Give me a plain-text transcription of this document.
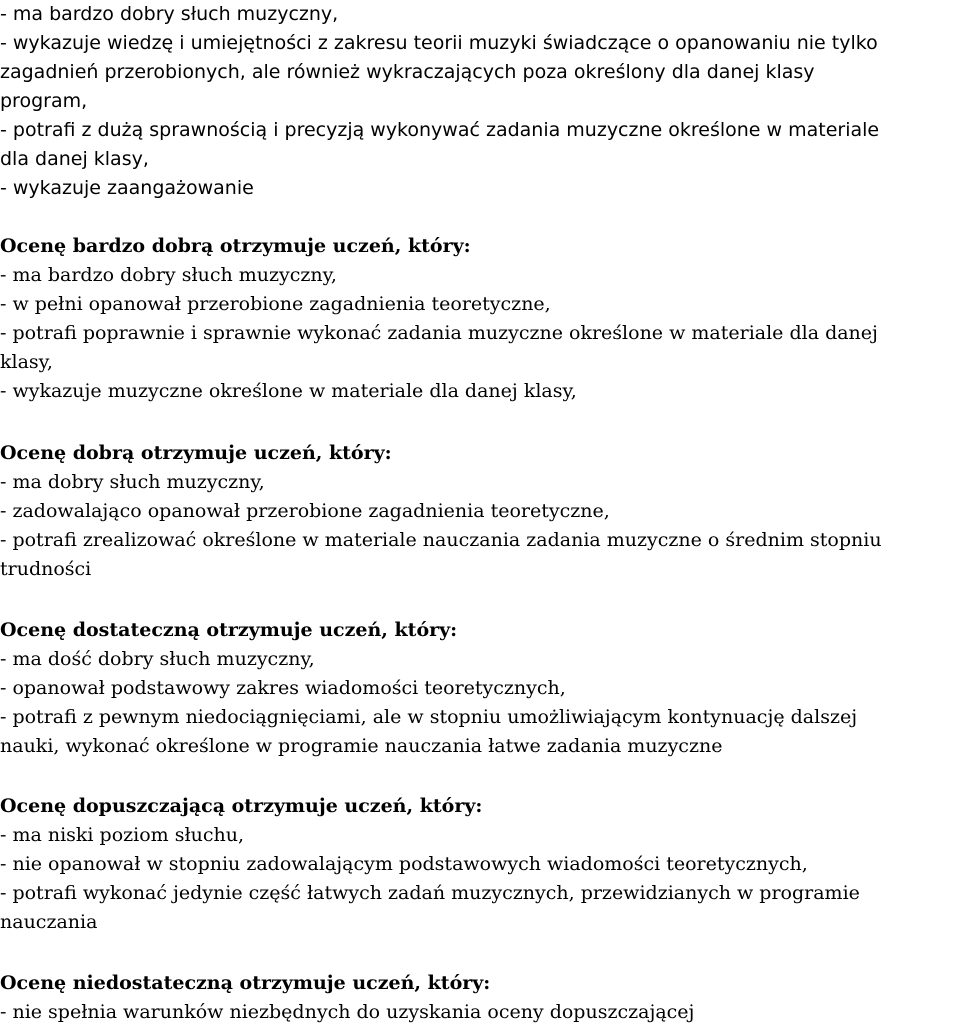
- ma bardzo dobry słuch muzyczny,
- wykazuje wiedzę i umiejętności z zakresu teorii muzyki świadczące o opanowaniu nie tylko
zagadnień przerobionych, ale również wykraczających poza określony dla danej klasy
program,
- potrafi z dużą sprawnością i precyzją wykonywać zadania muzyczne określone w materiale
dla danej klasy,
- wykazuje zaangażowanie
Ocenę bardzo dobrą otrzymuje uczeń, który:
- ma bardzo dobry słuch muzyczny,
- w pełni opanował przerobione zagadnienia teoretyczne,
- potrafi poprawnie i sprawnie wykonać zadania muzyczne określone w materiale dla danej
klasy,
- wykazuje muzyczne określone w materiale dla danej klasy,
Ocenę dobrą otrzymuje uczeń, który:
- ma dobry słuch muzyczny,
- zadowalająco opanował przerobione zagadnienia teoretyczne,
- potrafi zrealizować określone w materiale nauczania zadania muzyczne o średnim stopniu
trudności
Ocenę dostateczną otrzymuje uczeń, który:
- ma dość dobry słuch muzyczny,
- opanował podstawowy zakres wiadomości teoretycznych,
- potrafi z pewnym niedociągnięciami, ale w stopniu umożliwiającym kontynuację dalszej
nauki, wykonać określone w programie nauczania łatwe zadania muzyczne
Ocenę dopuszczającą otrzymuje uczeń, który:
- ma niski poziom słuchu,
- nie opanował w stopniu zadowalającym podstawowych wiadomości teoretycznych,
- potrafi wykonać jedynie część łatwych zadań muzycznych, przewidzianych w programie
nauczania
Ocenę niedostateczną otrzymuje uczeń, który:
- nie spełnia warunków niezbędnych do uzyskania oceny dopuszczającej
